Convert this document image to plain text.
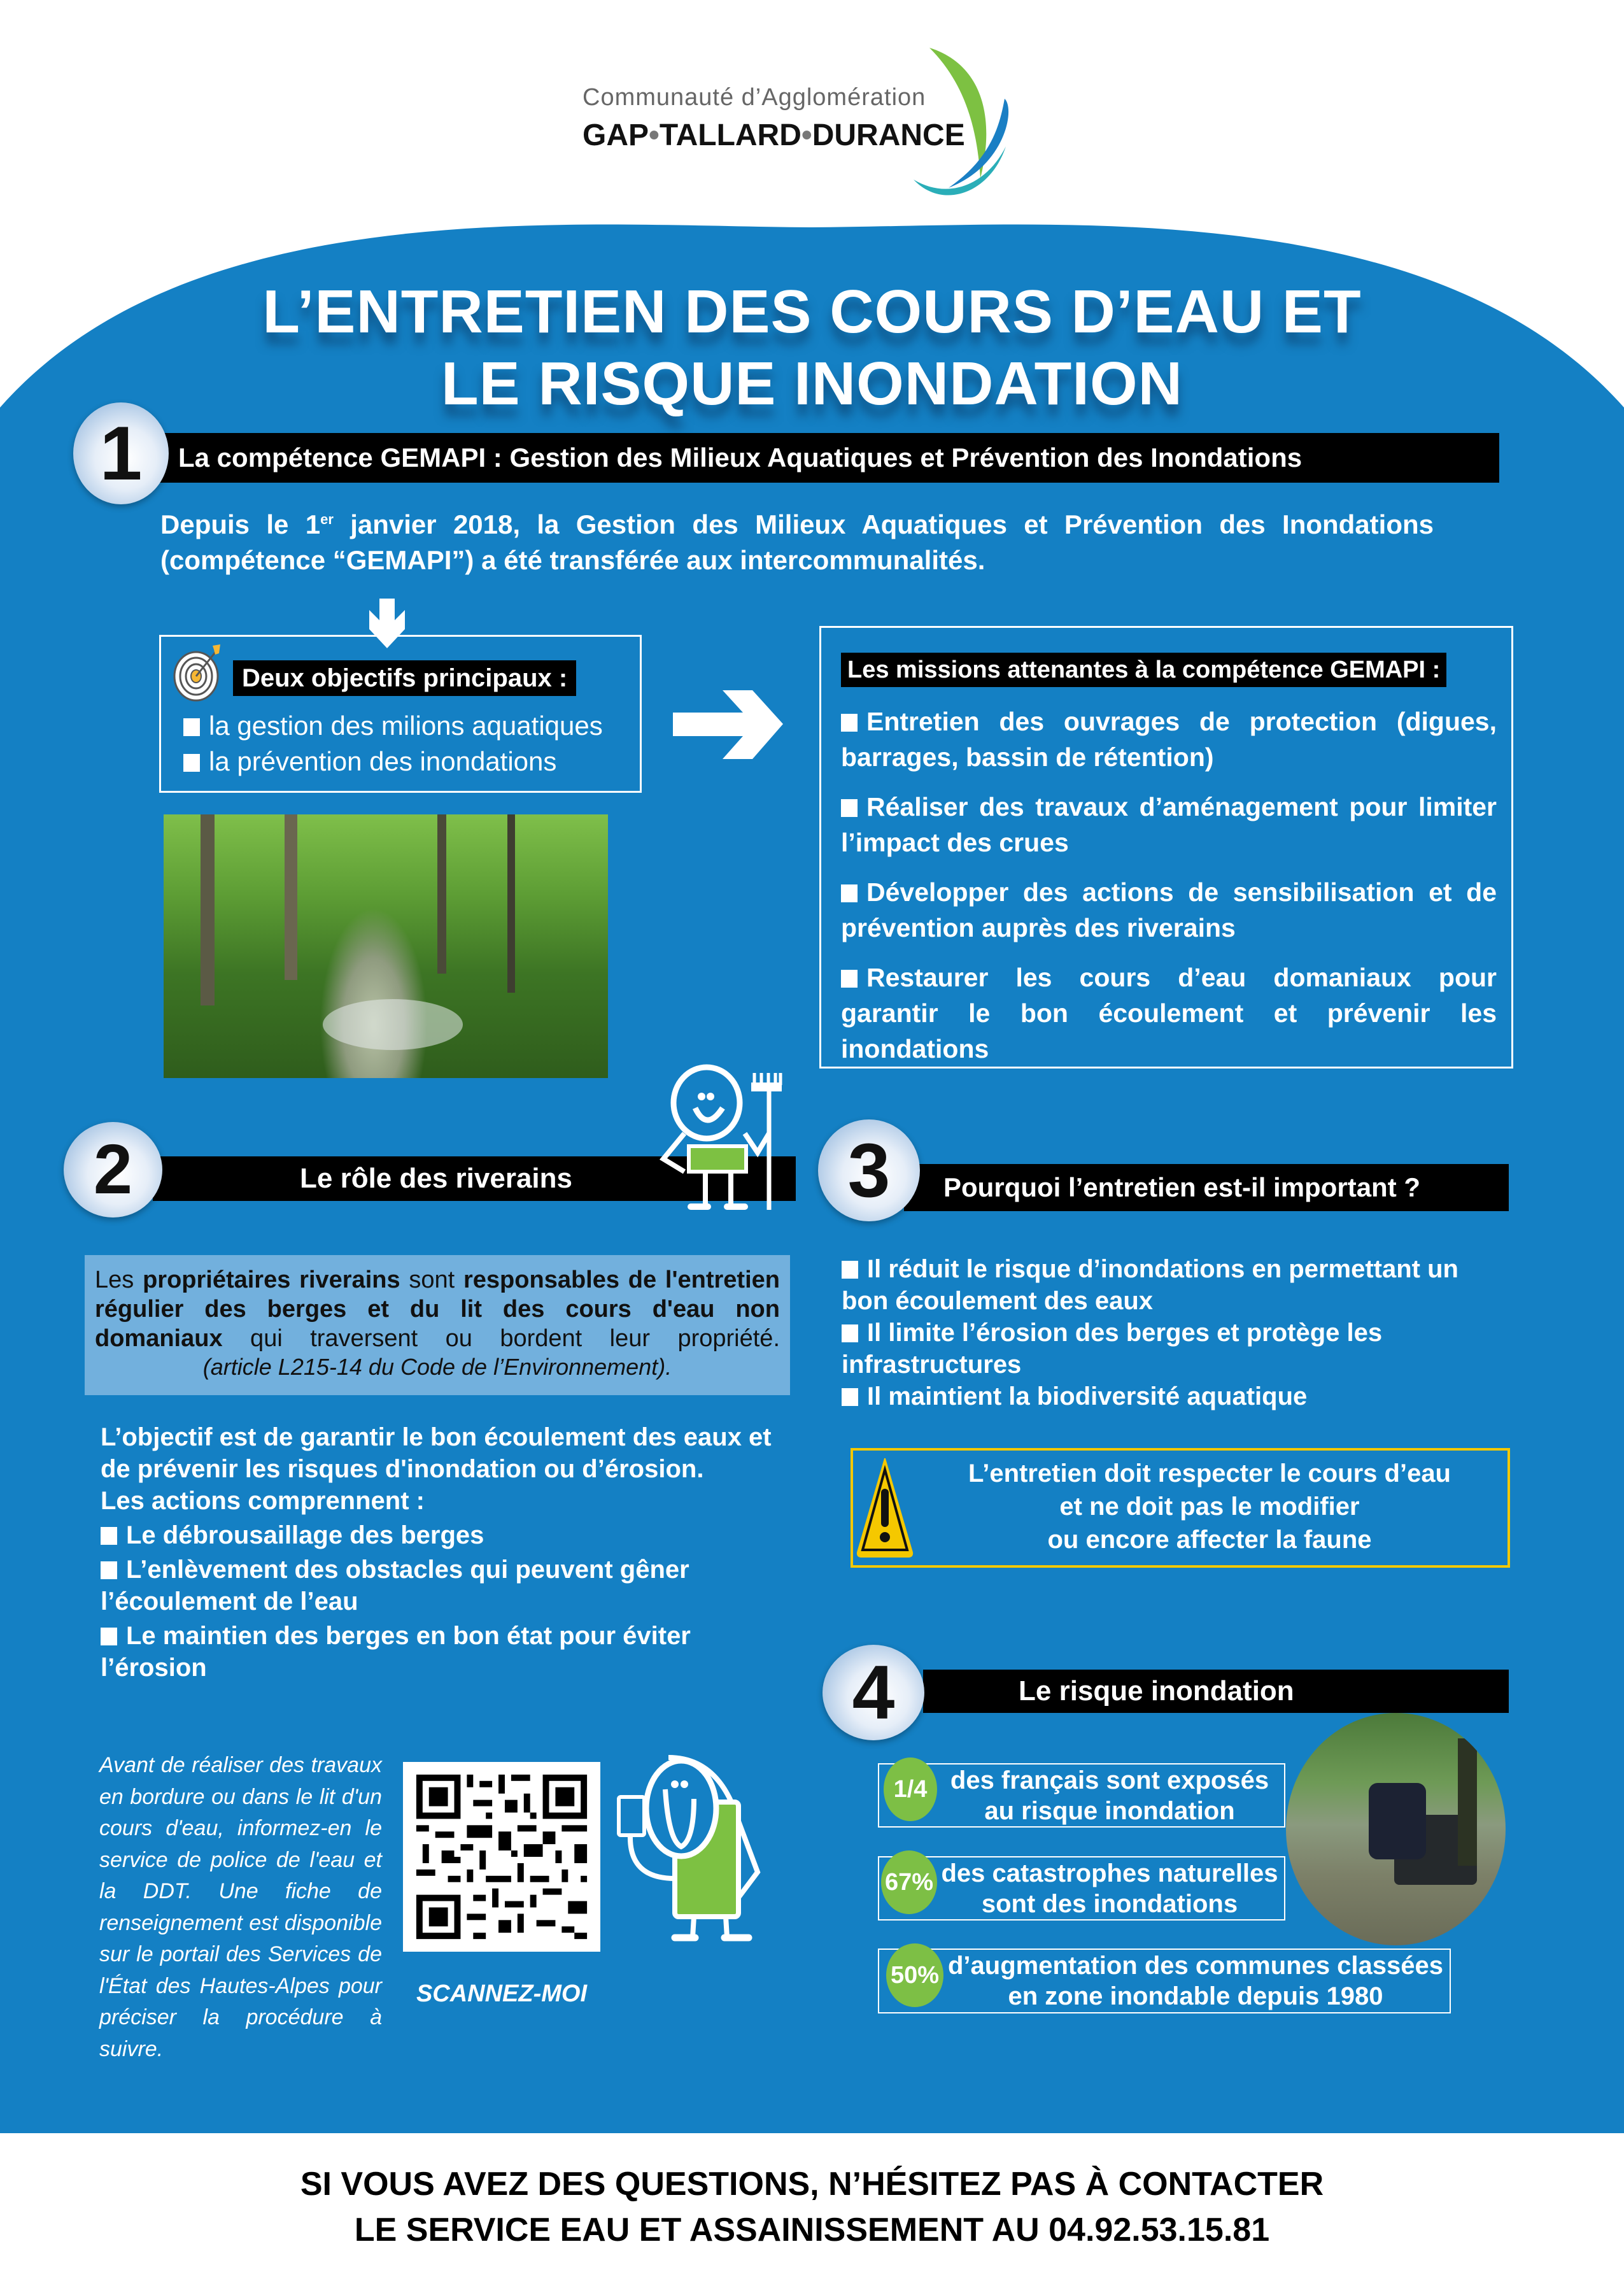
Communauté d’Agglomération
GAP•TALLARD•DURANCE
L’ENTRETIEN DES COURS D’EAU ET
LE RISQUE INONDATION
La compétence GEMAPI : Gestion des Milieux Aquatiques et Prévention des Inondations
1
Depuis le 1er janvier 2018, la Gestion des Milieux Aquatiques et Prévention des Inondations (compétence “GEMAPI”) a été transférée aux intercommunalités.
Deux objectifs principaux :
la gestion des milions aquatiques
la prévention des inondations
Les missions attenantes à la compétence GEMAPI :
Entretien des ouvrages de protection (digues, barrages, bassin de rétention)
Réaliser des travaux d’aménagement pour limiter l’impact des crues
Développer des actions de sensibilisation et de prévention auprès des riverains
Restaurer les cours d’eau domaniaux pour garantir le bon écoulement et prévenir les inondations
Le rôle des riverains
2
Les propriétaires riverains sont responsables de l'entretien régulier des berges et du lit des cours d'eau non domaniaux qui traversent ou bordent leur propriété.
(article L215-14 du Code de l’Environnement).
L’objectif est de garantir le bon écoulement des eaux et de prévenir les risques d'inondation ou d’érosion.
Les actions comprennent :
Le débrousaillage des berges
L’enlèvement des obstacles qui peuvent gêner l’écoulement de l’eau
Le maintien des berges en bon état pour éviter l’érosion
Avant de réaliser des travaux en bordure ou dans le lit d'un cours d'eau, informez-en le service de police de l'eau et la DDT. Une fiche de renseignement est disponible sur le portail des Services de l'État des Hautes-Alpes pour préciser la procédure à suivre.
SCANNEZ-MOI
Pourquoi l’entretien est-il important ?
3
Il réduit le risque d’inondations en permettant un bon écoulement des eaux
Il limite l’érosion des berges et protège les infrastructures
Il maintient la biodiversité aquatique
L’entretien doit respecter le cours d’eau
et ne doit pas le modifier
ou encore affecter la faune
Le risque inondation
4
des français sont exposés
au risque inondation
1/4
des catastrophes naturelles
sont des inondations
67%
d’augmentation des communes classées
en zone inondable depuis 1980
50%
SI VOUS AVEZ DES QUESTIONS, N’HÉSITEZ PAS À CONTACTER
LE SERVICE EAU ET ASSAINISSEMENT AU 04.92.53.15.81
